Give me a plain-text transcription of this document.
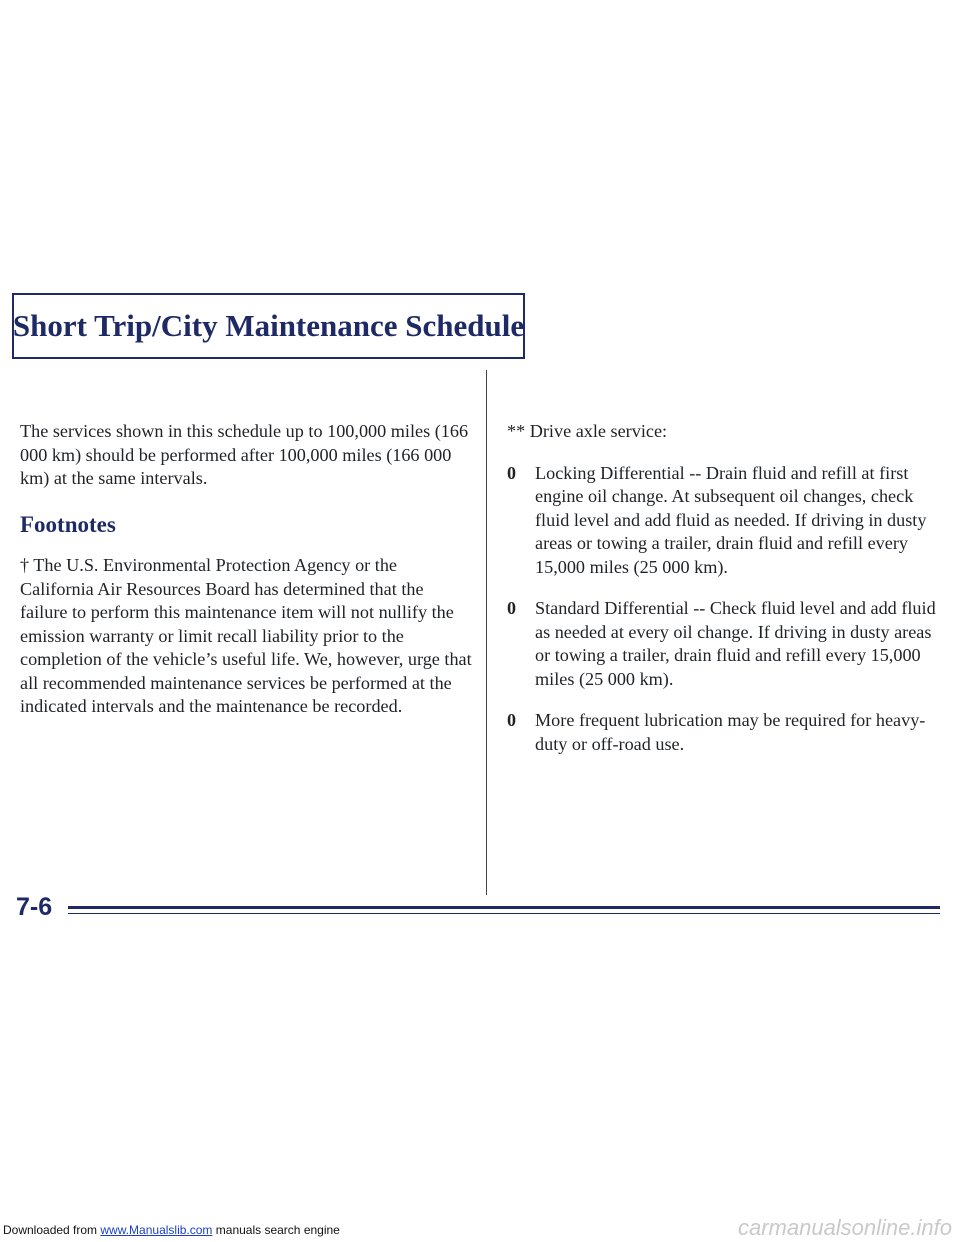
Short Trip/City Maintenance Schedule

The services shown in this schedule up to 100,000 miles (166 000 km) should be performed after 100,000 miles (166 000 km) at the same intervals.

Footnotes

† The U.S. Environmental Protection Agency or the California Air Resources Board has determined that the failure to perform this maintenance item will not nullify the emission warranty or limit recall liability prior to the completion of the vehicle’s useful life. We, however, urge that all recommended maintenance services be performed at the indicated intervals and the maintenance be recorded.

** Drive axle service:

0 Locking Differential -- Drain fluid and refill at first engine oil change. At subsequent oil changes, check fluid level and add fluid as needed. If driving in dusty areas or towing a trailer, drain fluid and refill every 15,000 miles (25 000 km).
0 Standard Differential -- Check fluid level and add fluid as needed at every oil change. If driving in dusty areas or towing a trailer, drain fluid and refill every 15,000 miles (25 000 km).
0 More frequent lubrication may be required for heavy-duty or off-road use.
7-6
Downloaded from www.Manualslib.com manuals search engine	carmanualsonline.info
